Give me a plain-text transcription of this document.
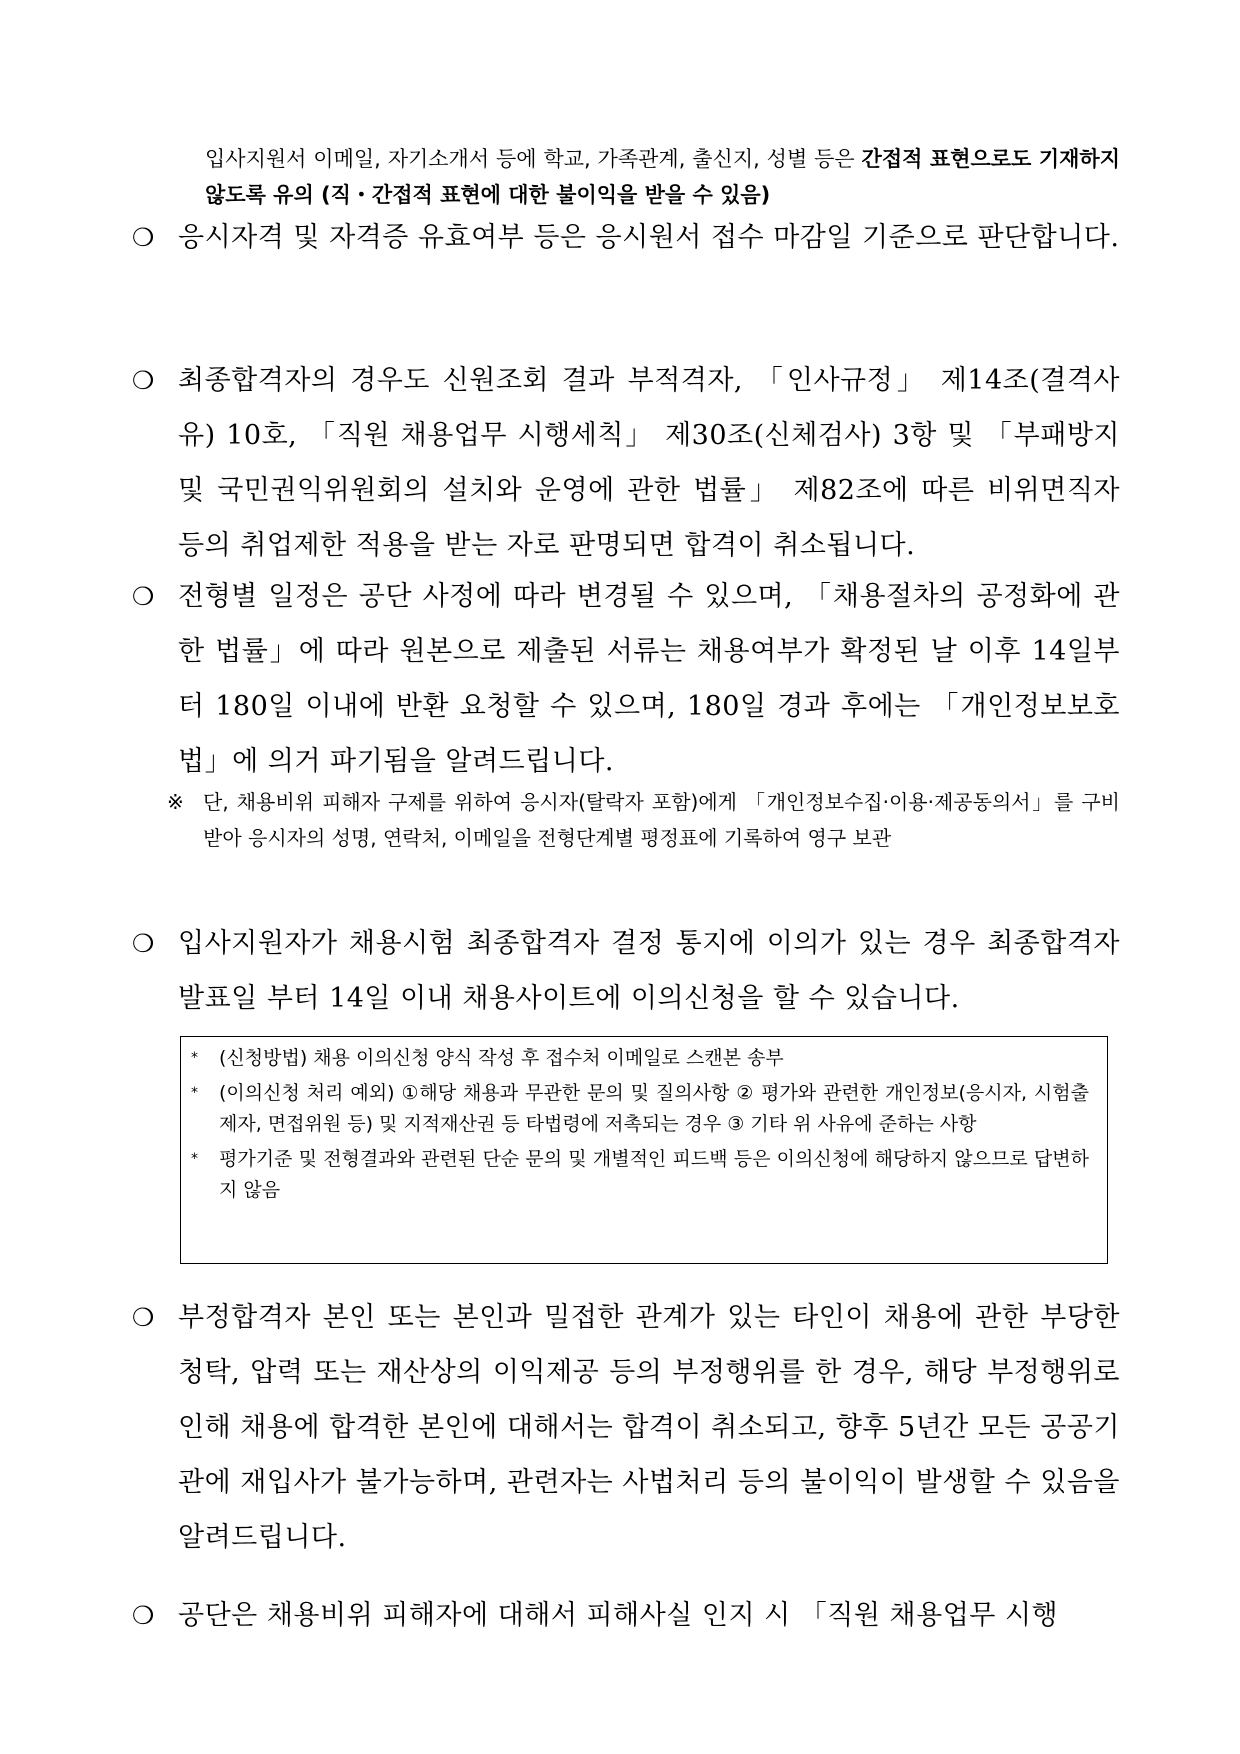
입사지원서 이메일, 자기소개서 등에 학교, 가족관계, 출신지, 성별 등은 간접적 표현으로도 기재하지 않도록 유의 (직・간접적 표현에 대한 불이익을 받을 수 있음)
❍ 응시자격 및 자격증 유효여부 등은 응시원서 접수 마감일 기준으로 판단합니다.
❍ 최종합격자의 경우도 신원조회 결과 부적격자, 「인사규정」 제14조(결격사유) 10호, 「직원 채용업무 시행세칙」 제30조(신체검사) 3항 및 「부패방지 및 국민권익위원회의 설치와 운영에 관한 법률」 제82조에 따른 비위면직자 등의 취업제한 적용을 받는 자로 판명되면 합격이 취소됩니다.
❍ 전형별 일정은 공단 사정에 따라 변경될 수 있으며, 「채용절차의 공정화에 관한 법률」에 따라 원본으로 제출된 서류는 채용여부가 확정된 날 이후 14일부터 180일 이내에 반환 요청할 수 있으며, 180일 경과 후에는 「개인정보보호법」에 의거 파기됨을 알려드립니다.
※ 단, 채용비위 피해자 구제를 위하여 응시자(탈락자 포함)에게 「개인정보수집·이용·제공동의서」를 구비받아 응시자의 성명, 연락처, 이메일을 전형단계별 평정표에 기록하여 영구 보관
❍ 입사지원자가 채용시험 최종합격자 결정 통지에 이의가 있는 경우 최종합격자 발표일 부터 14일 이내 채용사이트에 이의신청을 할 수 있습니다.
* (신청방법) 채용 이의신청 양식 작성 후 접수처 이메일로 스캔본 송부
* (이의신청 처리 예외) ①해당 채용과 무관한 문의 및 질의사항 ② 평가와 관련한 개인정보(응시자, 시험출제자, 면접위원 등) 및 지적재산권 등 타법령에 저촉되는 경우 ③ 기타 위 사유에 준하는 사항
* 평가기준 및 전형결과와 관련된 단순 문의 및 개별적인 피드백 등은 이의신청에 해당하지 않으므로 답변하지 않음
❍ 부정합격자 본인 또는 본인과 밀접한 관계가 있는 타인이 채용에 관한 부당한 청탁, 압력 또는 재산상의 이익제공 등의 부정행위를 한 경우, 해당 부정행위로 인해 채용에 합격한 본인에 대해서는 합격이 취소되고, 향후 5년간 모든 공공기관에 재입사가 불가능하며, 관련자는 사법처리 등의 불이익이 발생할 수 있음을 알려드립니다.
❍ 공단은 채용비위 피해자에 대해서 피해사실 인지 시 「직원 채용업무 시행
